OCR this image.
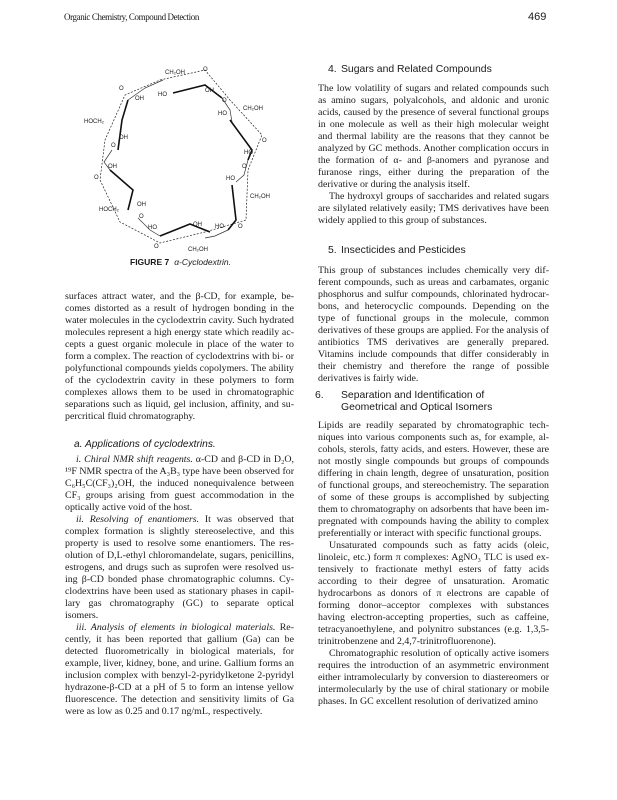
Organic Chemistry, Compound Detection	469
CH₂OH	O
OH
HO
O
OH
CH₂OH
HO
O
HOCH₂
OH
O
O
HO
O
OH
O	HO
CH₂OH
HOCH₂
OH
O
HO	OH HO O
O	CH₂OH
FIGURE 7 α-Cyclodextrin.

surfaces attract water, and the β-CD, for example, becomes distorted as a result of hydrogen bonding in the water molecules in the cyclodextrin cavity. Such hydrated molecules represent a high energy state which readily accepts a guest organic molecule in place of the water to form a complex. The reaction of cyclodextrins with bi- or polyfunctional compounds yields copolymers. The ability of the cyclodextrin cavity in these polymers to form complexes allows them to be used in chromatographic separations such as liquid, gel inclusion, affinity, and supercritical fluid chromatography.

a. Applications of cyclodextrins.

i. Chiral NMR shift reagents. α-CD and β-CD in D₂O, ¹⁹F NMR spectra of the A₃B₃ type have been observed for C₆H₅C(CF₃)₂OH, the induced nonequivalence between CF₃ groups arising from guest accommodation in the optically active void of the host.

ii. Resolving of enantiomers. It was observed that complex formation is slightly stereoselective, and this property is used to resolve some enantiomers. The resolution of D,L-ethyl chloromandelate, sugars, penicillins, estrogens, and drugs such as suprofen were resolved using β-CD bonded phase chromatographic columns. Cyclodextrins have been used as stationary phases in capillary gas chromatography (GC) to separate optical isomers.

iii. Analysis of elements in biological materials. Recently, it has been reported that gallium (Ga) can be detected fluorometrically in biological materials, for example, liver, kidney, bone, and urine. Gallium forms an inclusion complex with benzyl-2-pyridylketone 2-pyridyl hydrazone-β-CD at a pH of 5 to form an intense yellow fluorescence. The detection and sensitivity limits of Ga were as low as 0.25 and 0.17 ng/mL, respectively.

4. Sugars and Related Compounds

The low volatility of sugars and related compounds such as amino sugars, polyalcohols, and aldonic and uronic acids, caused by the presence of several functional groups in one molecule as well as their high molecular weight and thermal lability are the reasons that they cannot be analyzed by GC methods. Another complication occurs in the formation of α- and β-anomers and pyranose and furanose rings, either during the preparation of the derivative or during the analysis itself.

The hydroxyl groups of saccharides and related sugars are silylated relatively easily; TMS derivatives have been widely applied to this group of substances.

5. Insecticides and Pesticides

This group of substances includes chemically very different compounds, such as ureas and carbamates, organic phosphorus and sulfur compounds, chlorinated hydrocarbons, and heterocyclic compounds. Depending on the type of functional groups in the molecule, common derivatives of these groups are applied. For the analysis of antibiotics TMS derivatives are generally prepared. Vitamins include compounds that differ considerably in their chemistry and therefore the range of possible derivatives is fairly wide.

6. Separation and Identification of Geometrical and Optical Isomers

Lipids are readily separated by chromatographic techniques into various components such as, for example, alcohols, sterols, fatty acids, and esters. However, these are not mostly single compounds but groups of compounds differing in chain length, degree of unsaturation, position of functional groups, and stereochemistry. The separation of some of these groups is accomplished by subjecting them to chromatography on adsorbents that have been impregnated with compounds having the ability to complex preferentially or interact with specific functional groups.

Unsaturated compounds such as fatty acids (oleic, linoleic, etc.) form π complexes: AgNO₃ TLC is used extensively to fractionate methyl esters of fatty acids according to their degree of unsaturation. Aromatic hydrocarbons as donors of π electrons are capable of forming donor–acceptor complexes with substances having electron-accepting properties, such as caffeine, tetracyanoethylene, and polynitro substances (e.g. 1,3,5-trinitrobenzene and 2,4,7-trinitrofluorenone).

Chromatographic resolution of optically active isomers requires the introduction of an asymmetric environment either intramolecularly by conversion to diastereomers or intermolecularly by the use of chiral stationary or mobile phases. In GC excellent resolution of derivatized amino
